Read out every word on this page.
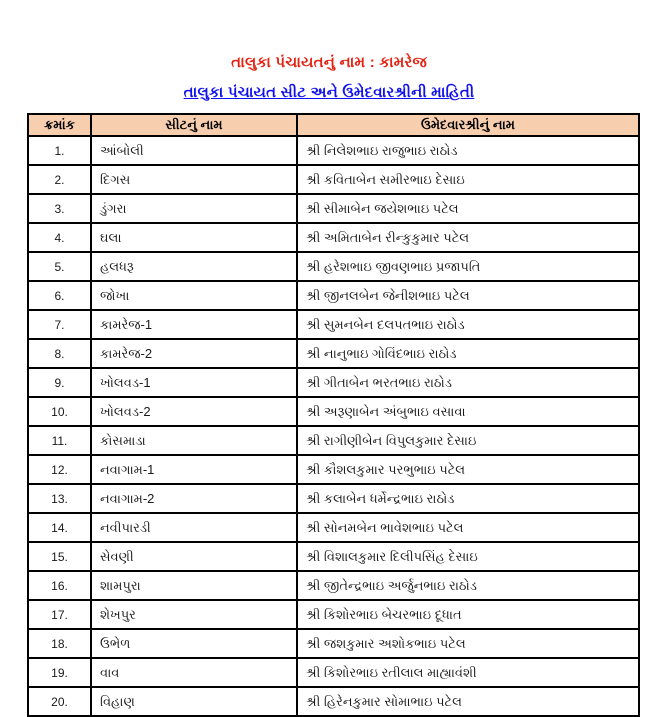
તાલુકા પંચાયતનું નામ : કામરેજ
તાલુકા પંચાયત સીટ અને ઉમેદવારશ્રીની માહિતી
ક્રમાંક	સીટનું નામ	ઉમેદવારશ્રીનું નામ
1.	આંબોલી	શ્રી નિલેશભાઇ રાજુભાઇ રાઠોડ
2.	દિગસ	શ્રી કવિતાબેન સમીરભાઇ દેસાઇ
3.	ડુંગરા	શ્રી સીમાબેન જયેશભાઇ પટેલ
4.	ઘલા	શ્રી અમિતાબેન રીન્કુકુમાર પટેલ
5.	હલધરૂ	શ્રી હરેશભાઇ જીવણભાઇ પ્રજાપતિ
6.	જોખા	શ્રી જીનલબેન જેનીશભાઇ પટેલ
7.	કામરેજ-1	શ્રી સુમનબેન દલપતભાઇ રાઠોડ
8.	કામરેજ-2	શ્રી નાનુભાઇ ગોવિંદભાઇ રાઠોડ
9.	ખોલવડ-1	શ્રી ગીતાબેન ભરતભાઇ રાઠોડ
10.	ખોલવડ-2	શ્રી અરૂણાબેન અંબુભાઇ વસાવા
11.	કોસમાડા	શ્રી રાગીણીબેન વિપુલકુમાર દેસાઇ
12.	નવાગામ-1	શ્રી કૌશલકુમાર પરભુભાઇ પટેલ
13.	નવાગામ-2	શ્રી કલાબેન ધર્મેન્દ્રભાઇ રાઠોડ
14.	નવીપારડી	શ્રી સોનમબેન ભાવેશભાઇ પટેલ
15.	સેવણી	શ્રી વિશાલકુમાર દિલીપસિંહ દેસાઇ
16.	શામપુરા	શ્રી જીતેન્દ્રભાઇ અર્જુનભાઇ રાઠોડ
17.	શેખપુર	શ્રી કિશોરભાઇ બેચરભાઇ દૂધાત
18.	ઉભેળ	શ્રી જશકુમાર અશોકભાઇ પટેલ
19.	વાવ	શ્રી કિશોરભાઇ રતીલાલ માહ્યાવંશી
20.	વિહાણ	શ્રી હિરેનકુમાર સોમાભાઇ પટેલ
